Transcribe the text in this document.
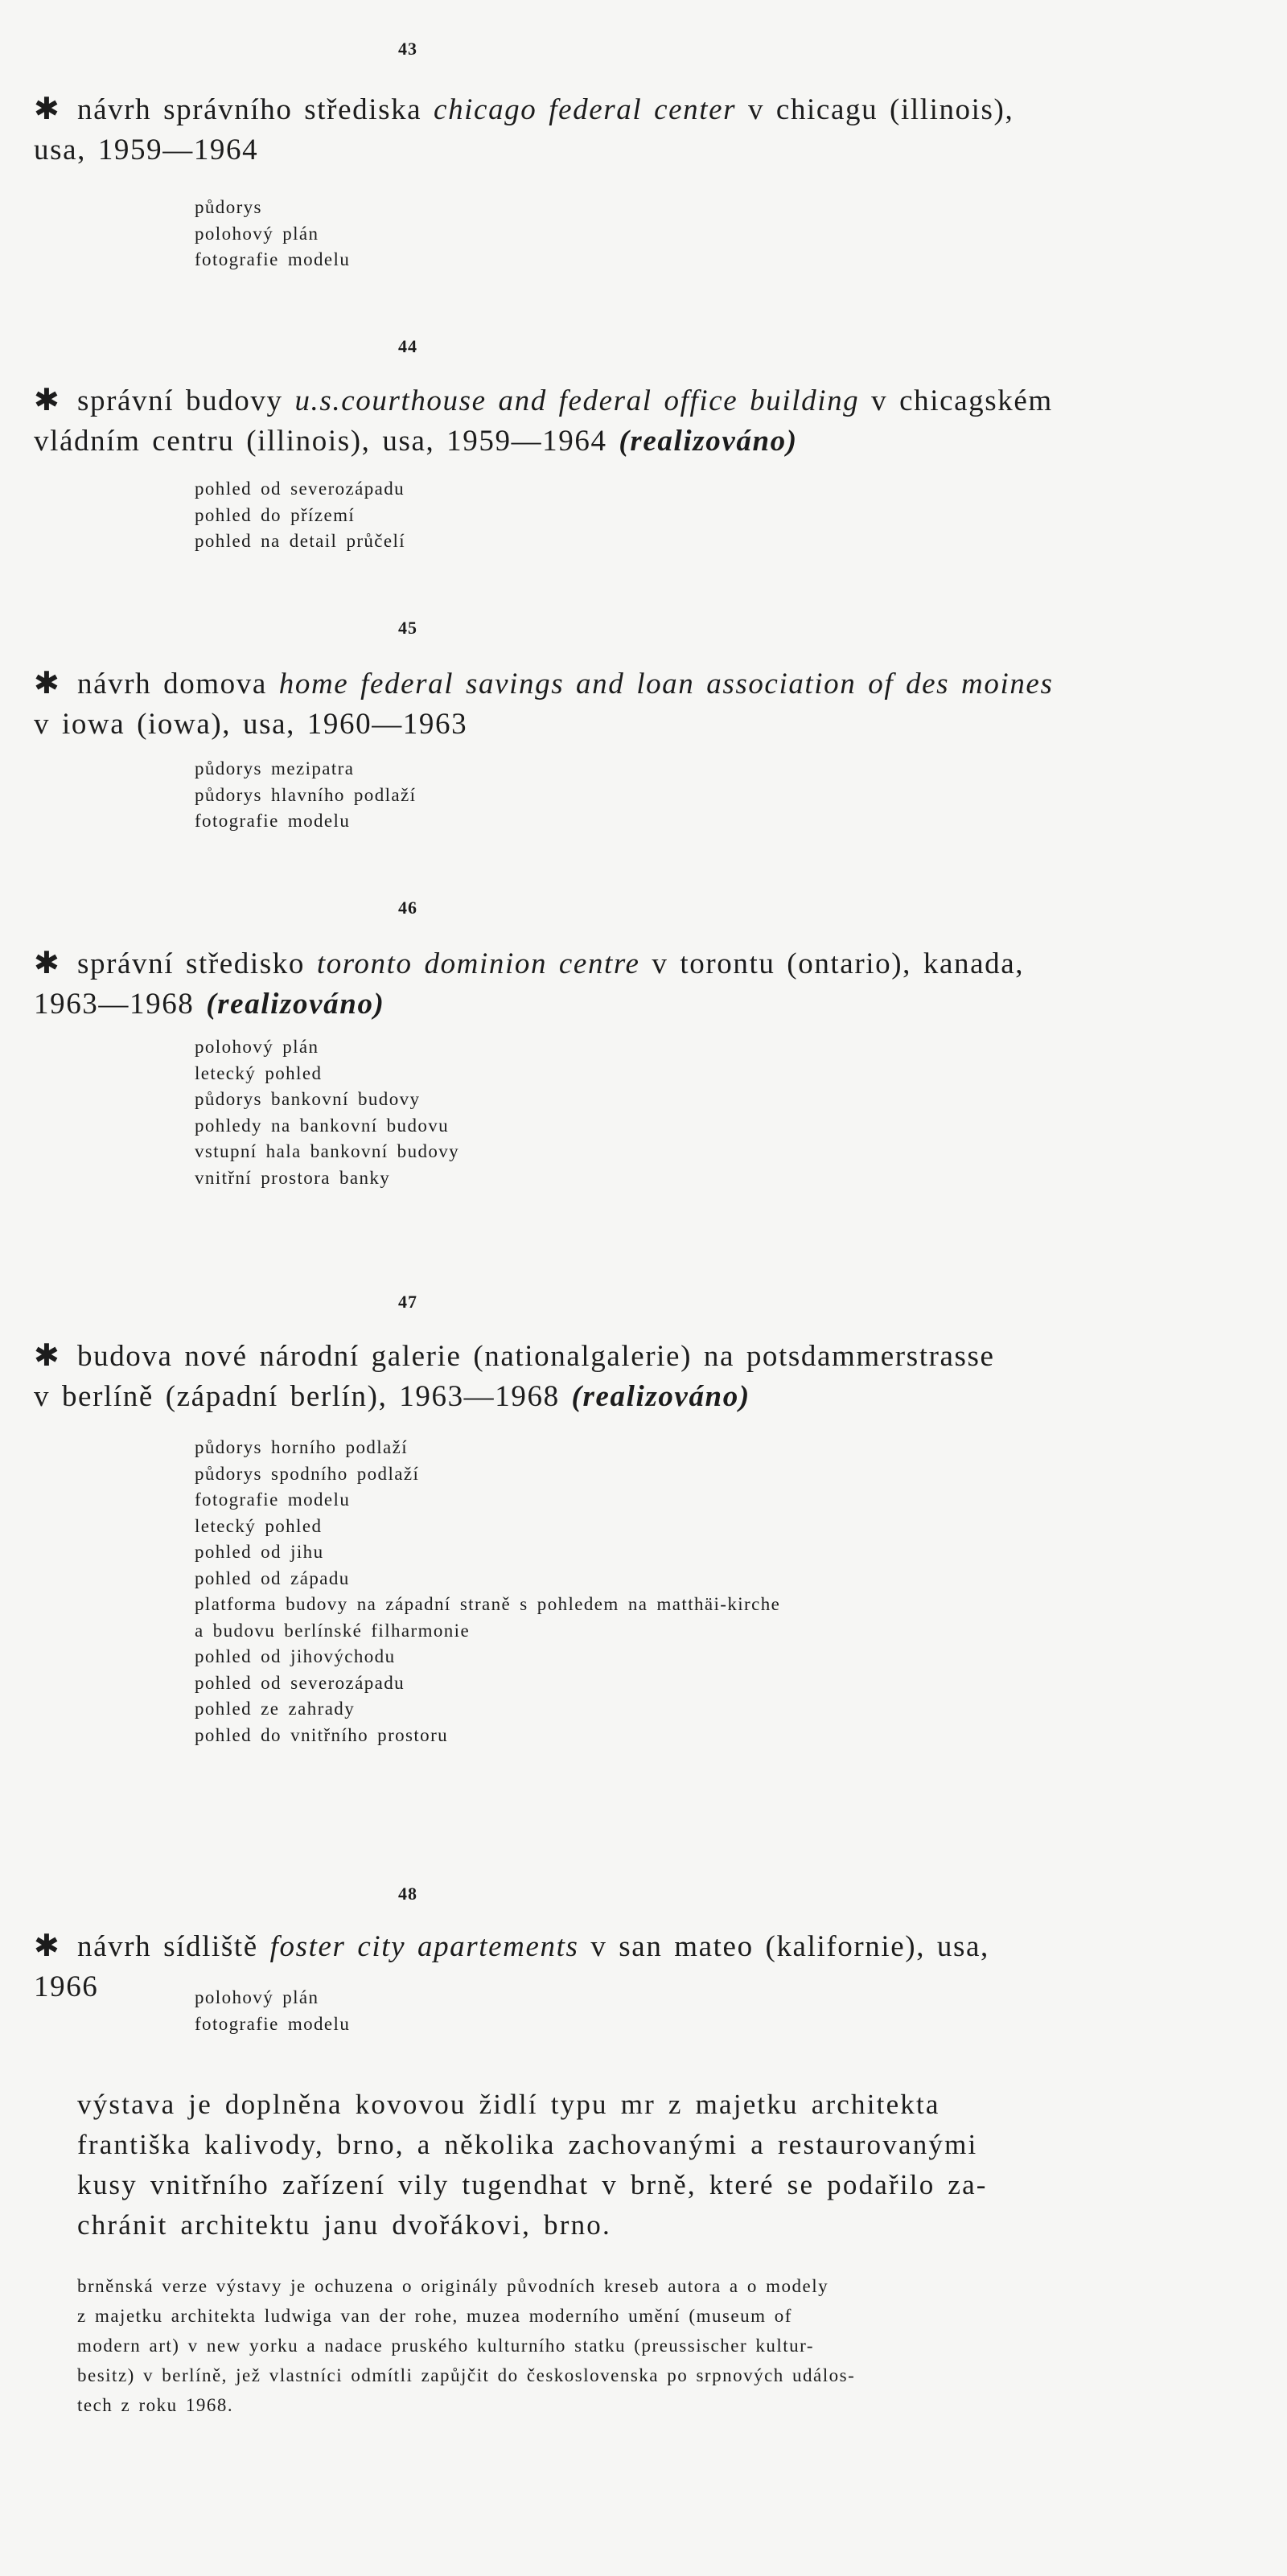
43
✱ návrh správního střediska chicago federal center v chicagu (illinois),
usa, 1959—1964
půdorys
polohový plán
fotografie modelu
44
✱ správní budovy u.s.courthouse and federal office building v chicagském
vládním centru (illinois), usa, 1959—1964 (realizováno)
pohled od severozápadu
pohled do přízemí
pohled na detail průčelí
45
✱ návrh domova home federal savings and loan association of des moines
v iowa (iowa), usa, 1960—1963
půdorys mezipatra
půdorys hlavního podlaží
fotografie modelu
46
✱ správní středisko toronto dominion centre v torontu (ontario), kanada,
1963—1968 (realizováno)
polohový plán
letecký pohled
půdorys bankovní budovy
pohledy na bankovní budovu
vstupní hala bankovní budovy
vnitřní prostora banky
47
✱ budova nové národní galerie (nationalgalerie) na potsdammerstrasse
v berlíně (západní berlín), 1963—1968 (realizováno)
půdorys horního podlaží
půdorys spodního podlaží
fotografie modelu
letecký pohled
pohled od jihu
pohled od západu
platforma budovy na západní straně s pohledem na matthäi-kirche
a budovu berlínské filharmonie
pohled od jihovýchodu
pohled od severozápadu
pohled ze zahrady
pohled do vnitřního prostoru
48
✱ návrh sídliště foster city apartements v san mateo (kalifornie), usa,
1966	polohový plán
fotografie modelu
výstava je doplněna kovovou židlí typu mr z majetku architekta
františka kalivody, brno, a několika zachovanými a restaurovanými
kusy vnitřního zařízení vily tugendhat v brně, které se podařilo za-
chránit architektu janu dvořákovi, brno.
brněnská verze výstavy je ochuzena o originály původních kreseb autora a o modely
z majetku architekta ludwiga van der rohe, muzea moderního umění (museum of
modern art) v new yorku a nadace pruského kulturního statku (preussischer kultur-
besitz) v berlíně, jež vlastníci odmítli zapůjčit do československa po srpnových událos-
tech z roku 1968.
